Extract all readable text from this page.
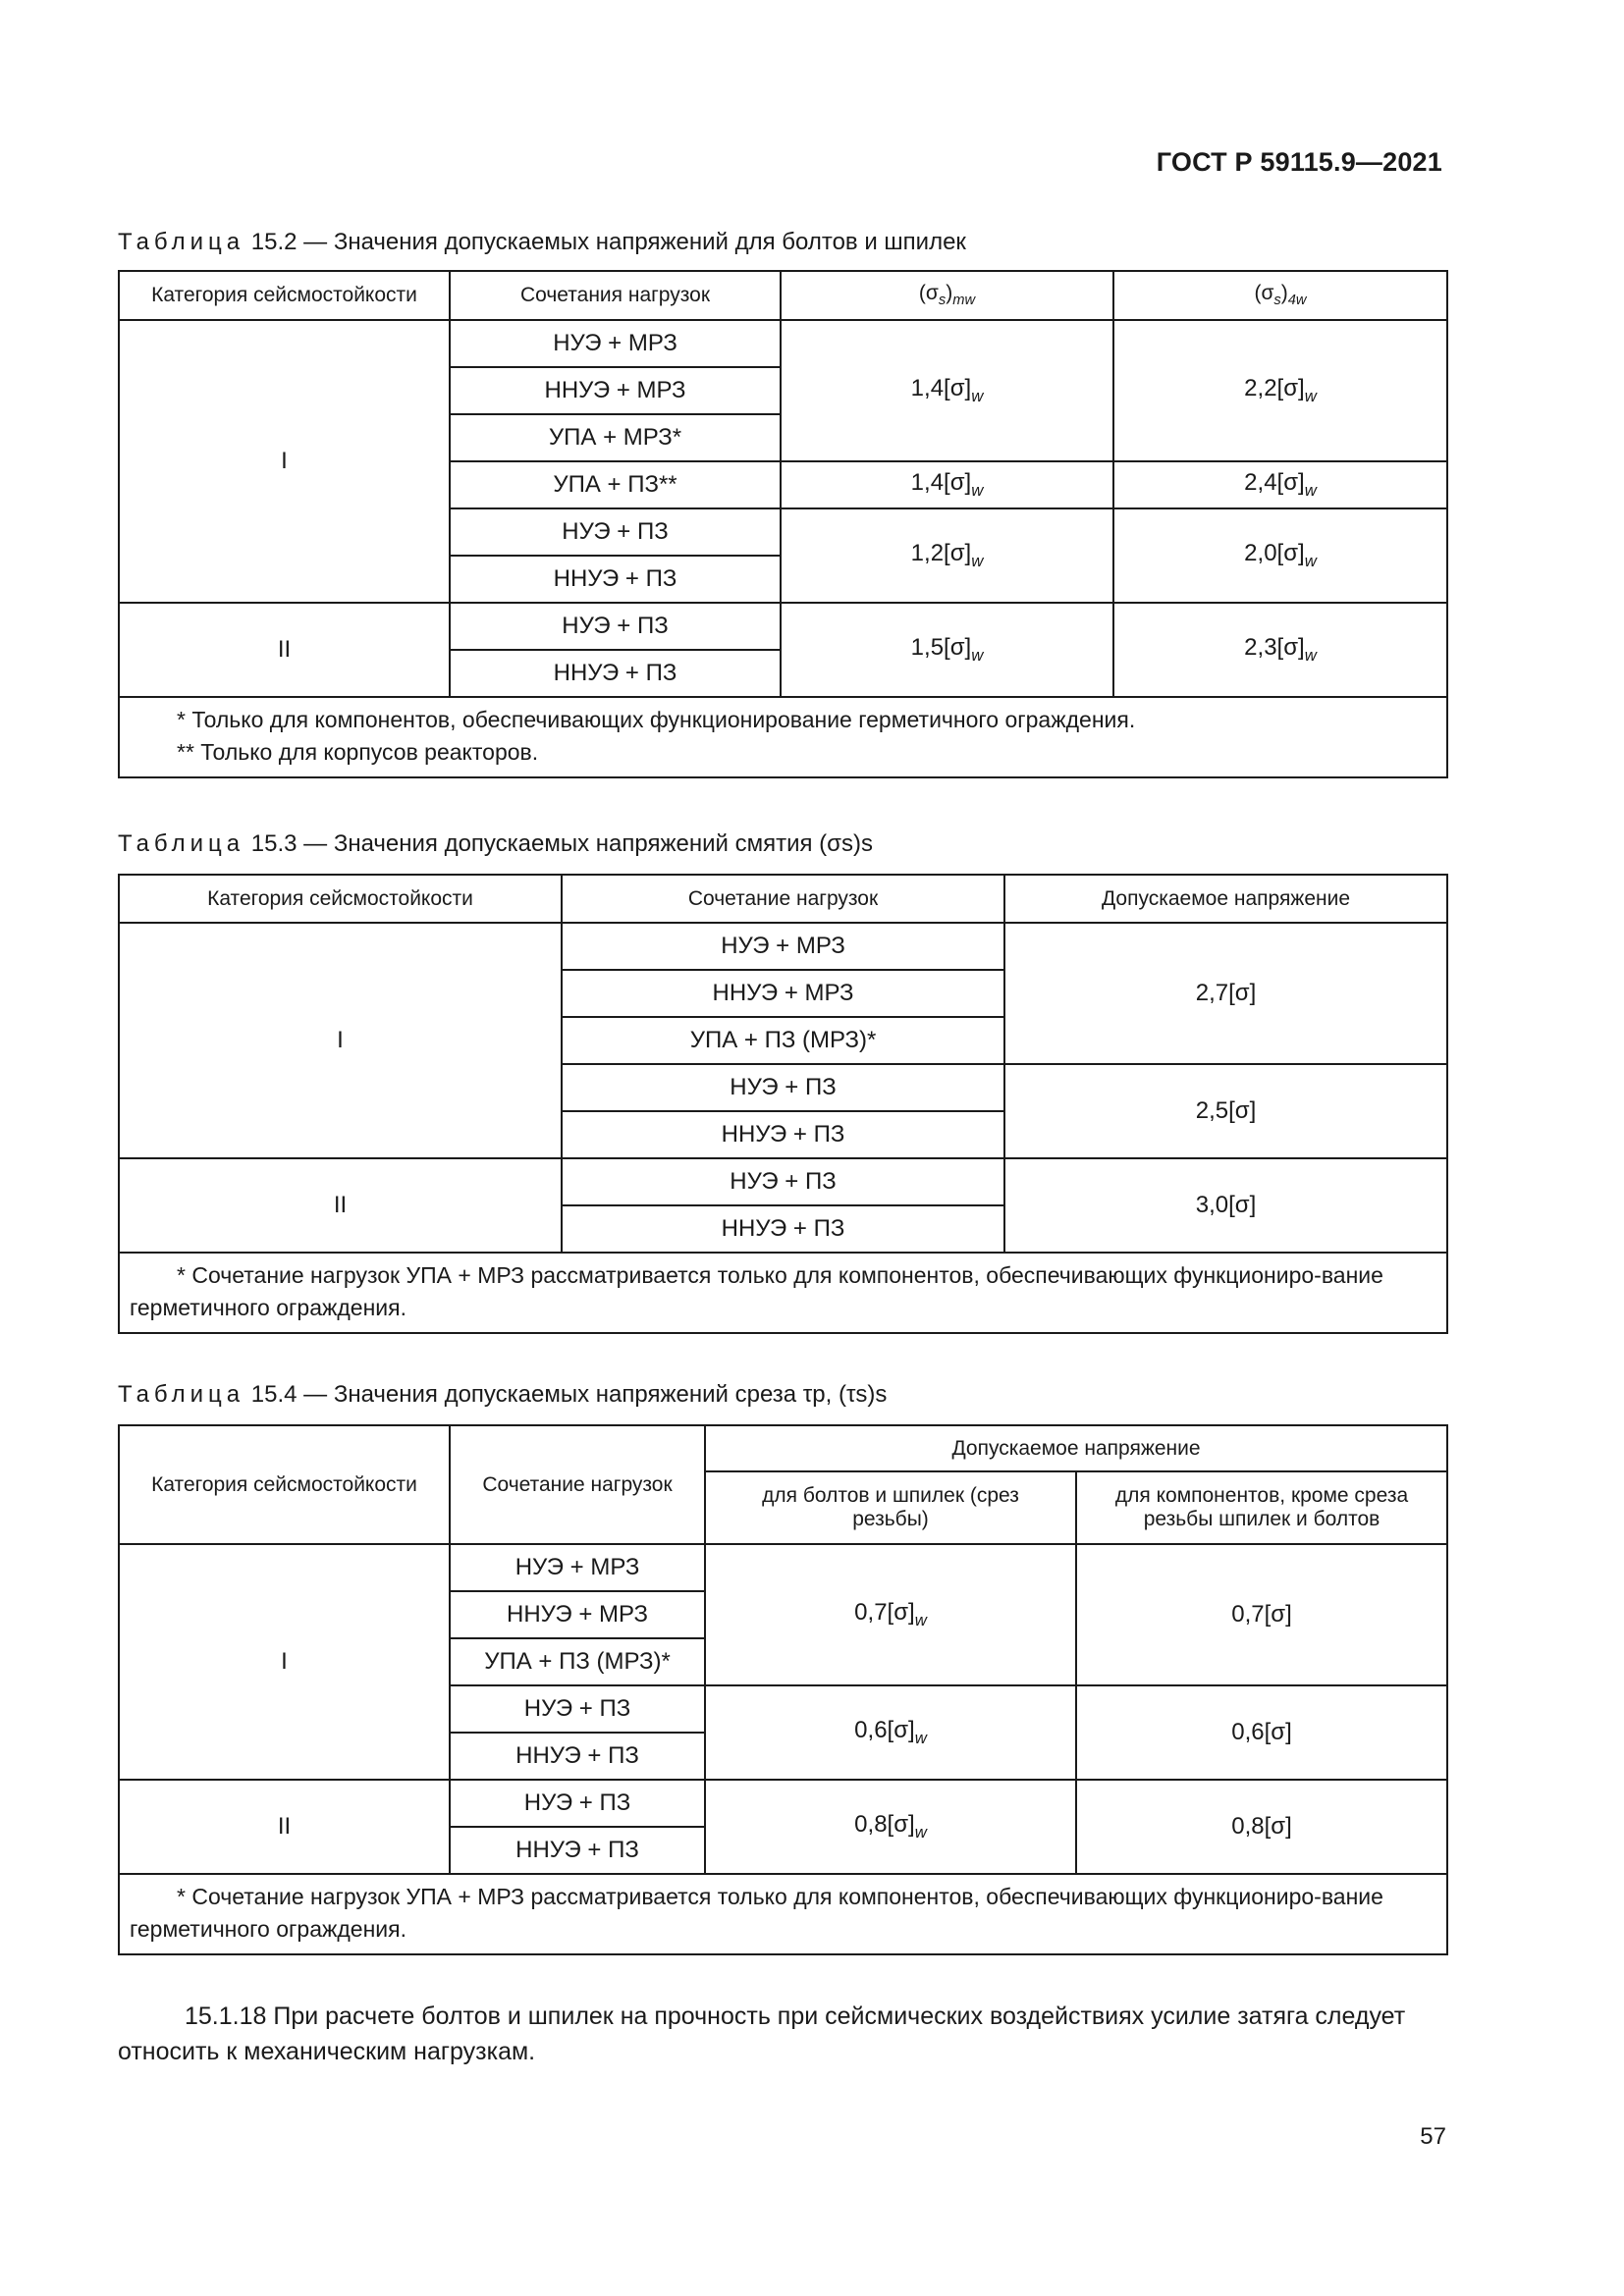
ГОСТ Р 59115.9—2021
Таблица 15.2 — Значения допускаемых напряжений для болтов и шпилек
Категория сейсмостойкости	Сочетания нагрузок	$(\sigma_s)_{mw}$	$(\sigma_s)_{4w}$
I	НУЭ + МРЗ	$1,4[\sigma]_w$	$2,2[\sigma]_w$
	ННУЭ + МРЗ		
	УПА + МРЗ*		
	УПА + ПЗ**	$1,4[\sigma]_w$	$2,4[\sigma]_w$
	НУЭ + ПЗ	$1,2[\sigma]_w$	$2,0[\sigma]_w$
	ННУЭ + ПЗ		
II	НУЭ + ПЗ	$1,5[\sigma]_w$	$2,3[\sigma]_w$
	ННУЭ + ПЗ		

* Только для компонентов, обеспечивающих функционирование герметичного ограждения.
** Только для корпусов реакторов.			
Таблица 15.3 — Значения допускаемых напряжений смятия (σs)s
Категория сейсмостойкости	Сочетание нагрузок	Допускаемое напряжение
I	НУЭ + МРЗ	2,7[σ]
	ННУЭ + МРЗ	
	УПА + ПЗ (МРЗ)*	
	НУЭ + ПЗ	2,5[σ]
	ННУЭ + ПЗ	
II	НУЭ + ПЗ	3,0[σ]
	ННУЭ + ПЗ	

* Сочетание нагрузок УПА + МРЗ рассматривается только для компонентов, обеспечивающих функциониро-вание герметичного ограждения.		
Таблица 15.4 — Значения допускаемых напряжений среза τp, (τs)s
Категория сейсмостойкости	Сочетание нагрузок	Допускаемое напряжение	
		для болтов и шпилек (срез резьбы)	для компонентов, кроме среза резьбы шпилек и болтов
I	НУЭ + МРЗ	$0,7[\sigma]_w$	0,7[σ]
	ННУЭ + МРЗ		
	УПА + ПЗ (МРЗ)*		
	НУЭ + ПЗ	$0,6[\sigma]_w$	0,6[σ]
	ННУЭ + ПЗ		
II	НУЭ + ПЗ	$0,8[\sigma]_w$	0,8[σ]
	ННУЭ + ПЗ		

* Сочетание нагрузок УПА + МРЗ рассматривается только для компонентов, обеспечивающих функциониро-вание герметичного ограждения.			
15.1.18 При расчете болтов и шпилек на прочность при сейсмических воздействиях усилие затяга следует относить к механическим нагрузкам.
57
